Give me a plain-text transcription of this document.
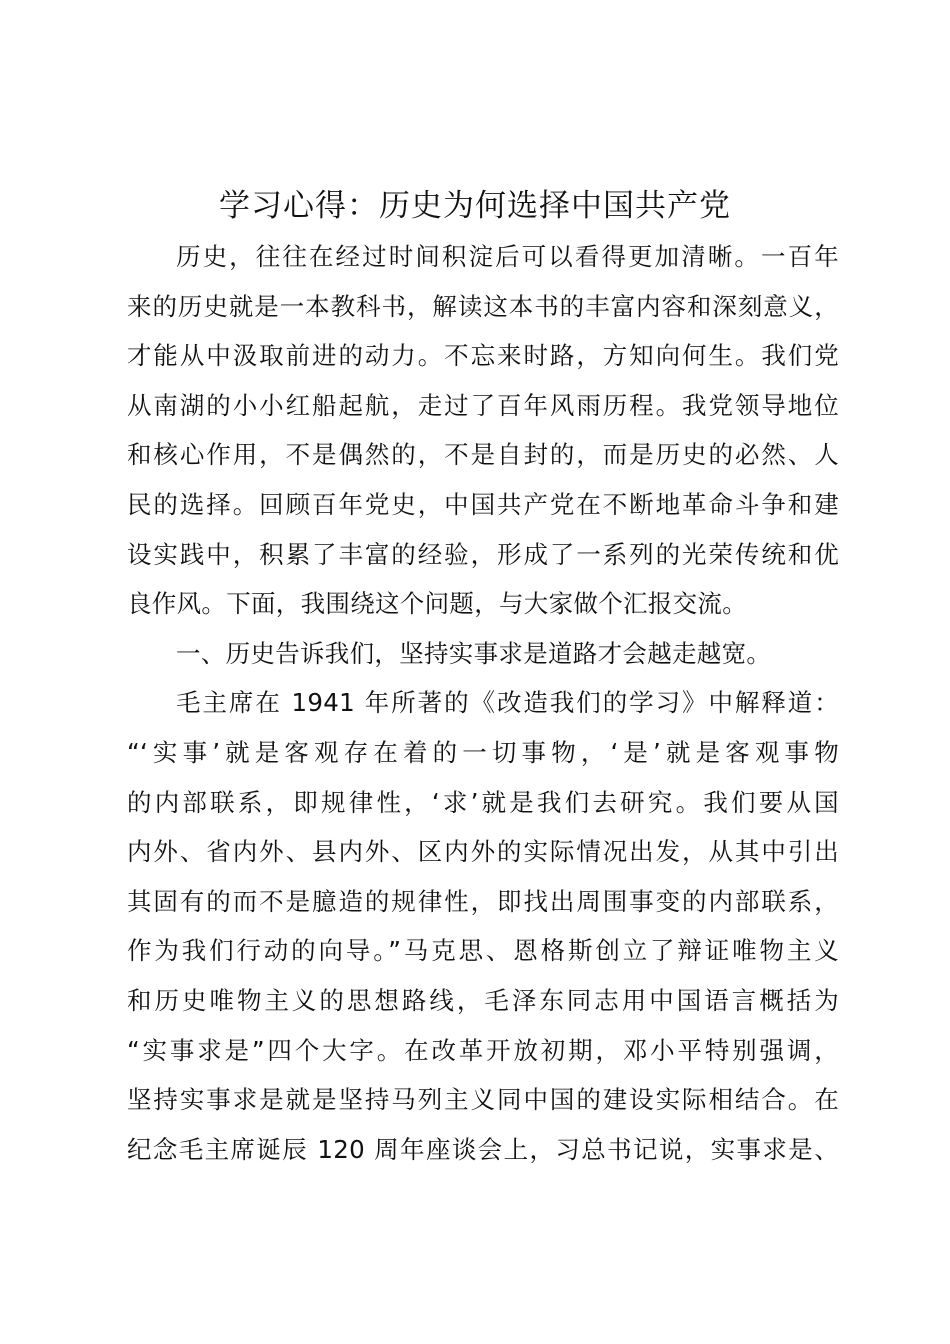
学习心得：历史为何选择中国共产党
历史，往往在经过时间积淀后可以看得更加清晰。一百年
来的历史就是一本教科书，解读这本书的丰富内容和深刻意义，
才能从中汲取前进的动力。不忘来时路，方知向何生。我们党
从南湖的小小红船起航，走过了百年风雨历程。我党领导地位
和核心作用，不是偶然的，不是自封的，而是历史的必然、人
民的选择。回顾百年党史，中国共产党在不断地革命斗争和建
设实践中，积累了丰富的经验，形成了一系列的光荣传统和优
良作风。下面，我围绕这个问题，与大家做个汇报交流。
一、历史告诉我们，坚持实事求是道路才会越走越宽。
毛主席在 1941 年所著的《改造我们的学习》中解释道：
“‘实事’就是客观存在着的一切事物，‘是’就是客观事物
的内部联系，即规律性，‘求’就是我们去研究。我们要从国
内外、省内外、县内外、区内外的实际情况出发，从其中引出
其固有的而不是臆造的规律性，即找出周围事变的内部联系，
作为我们行动的向导。”马克思、恩格斯创立了辩证唯物主义
和历史唯物主义的思想路线，毛泽东同志用中国语言概括为
“实事求是”四个大字。在改革开放初期，邓小平特别强调，
坚持实事求是就是坚持马列主义同中国的建设实际相结合。在
纪念毛主席诞辰 120 周年座谈会上，习总书记说，实事求是、
